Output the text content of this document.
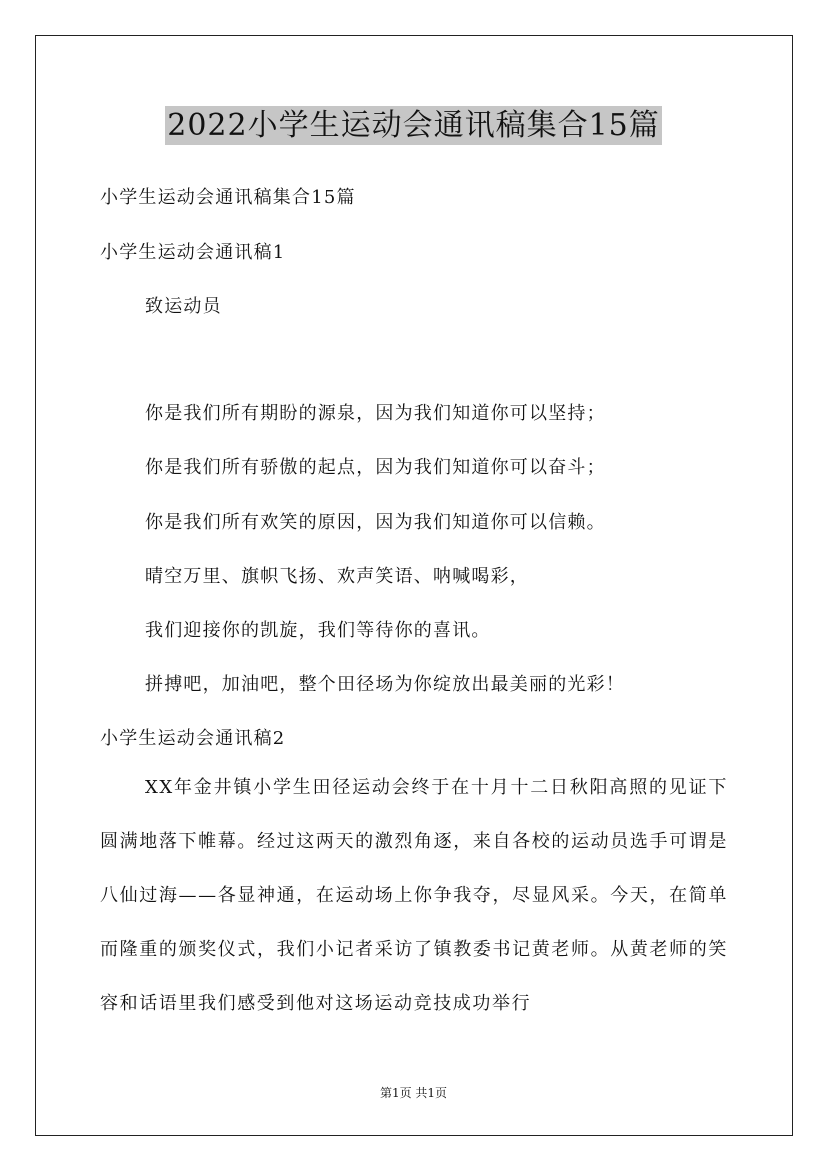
2022小学生运动会通讯稿集合15篇
小学生运动会通讯稿集合15篇
小学生运动会通讯稿1
致运动员
你是我们所有期盼的源泉，因为我们知道你可以坚持；
你是我们所有骄傲的起点，因为我们知道你可以奋斗；
你是我们所有欢笑的原因，因为我们知道你可以信赖。
晴空万里、旗帜飞扬、欢声笑语、呐喊喝彩，
我们迎接你的凯旋，我们等待你的喜讯。
拼搏吧，加油吧，整个田径场为你绽放出最美丽的光彩！
小学生运动会通讯稿2
XX年金井镇小学生田径运动会终于在十月十二日秋阳高照的见证下圆满地落下帷幕。经过这两天的激烈角逐，来自各校的运动员选手可谓是八仙过海——各显神通，在运动场上你争我夺，尽显风采。今天，在简单而隆重的颁奖仪式，我们小记者采访了镇教委书记黄老师。从黄老师的笑容和话语里我们感受到他对这场运动竞技成功举行
第1页 共1页
